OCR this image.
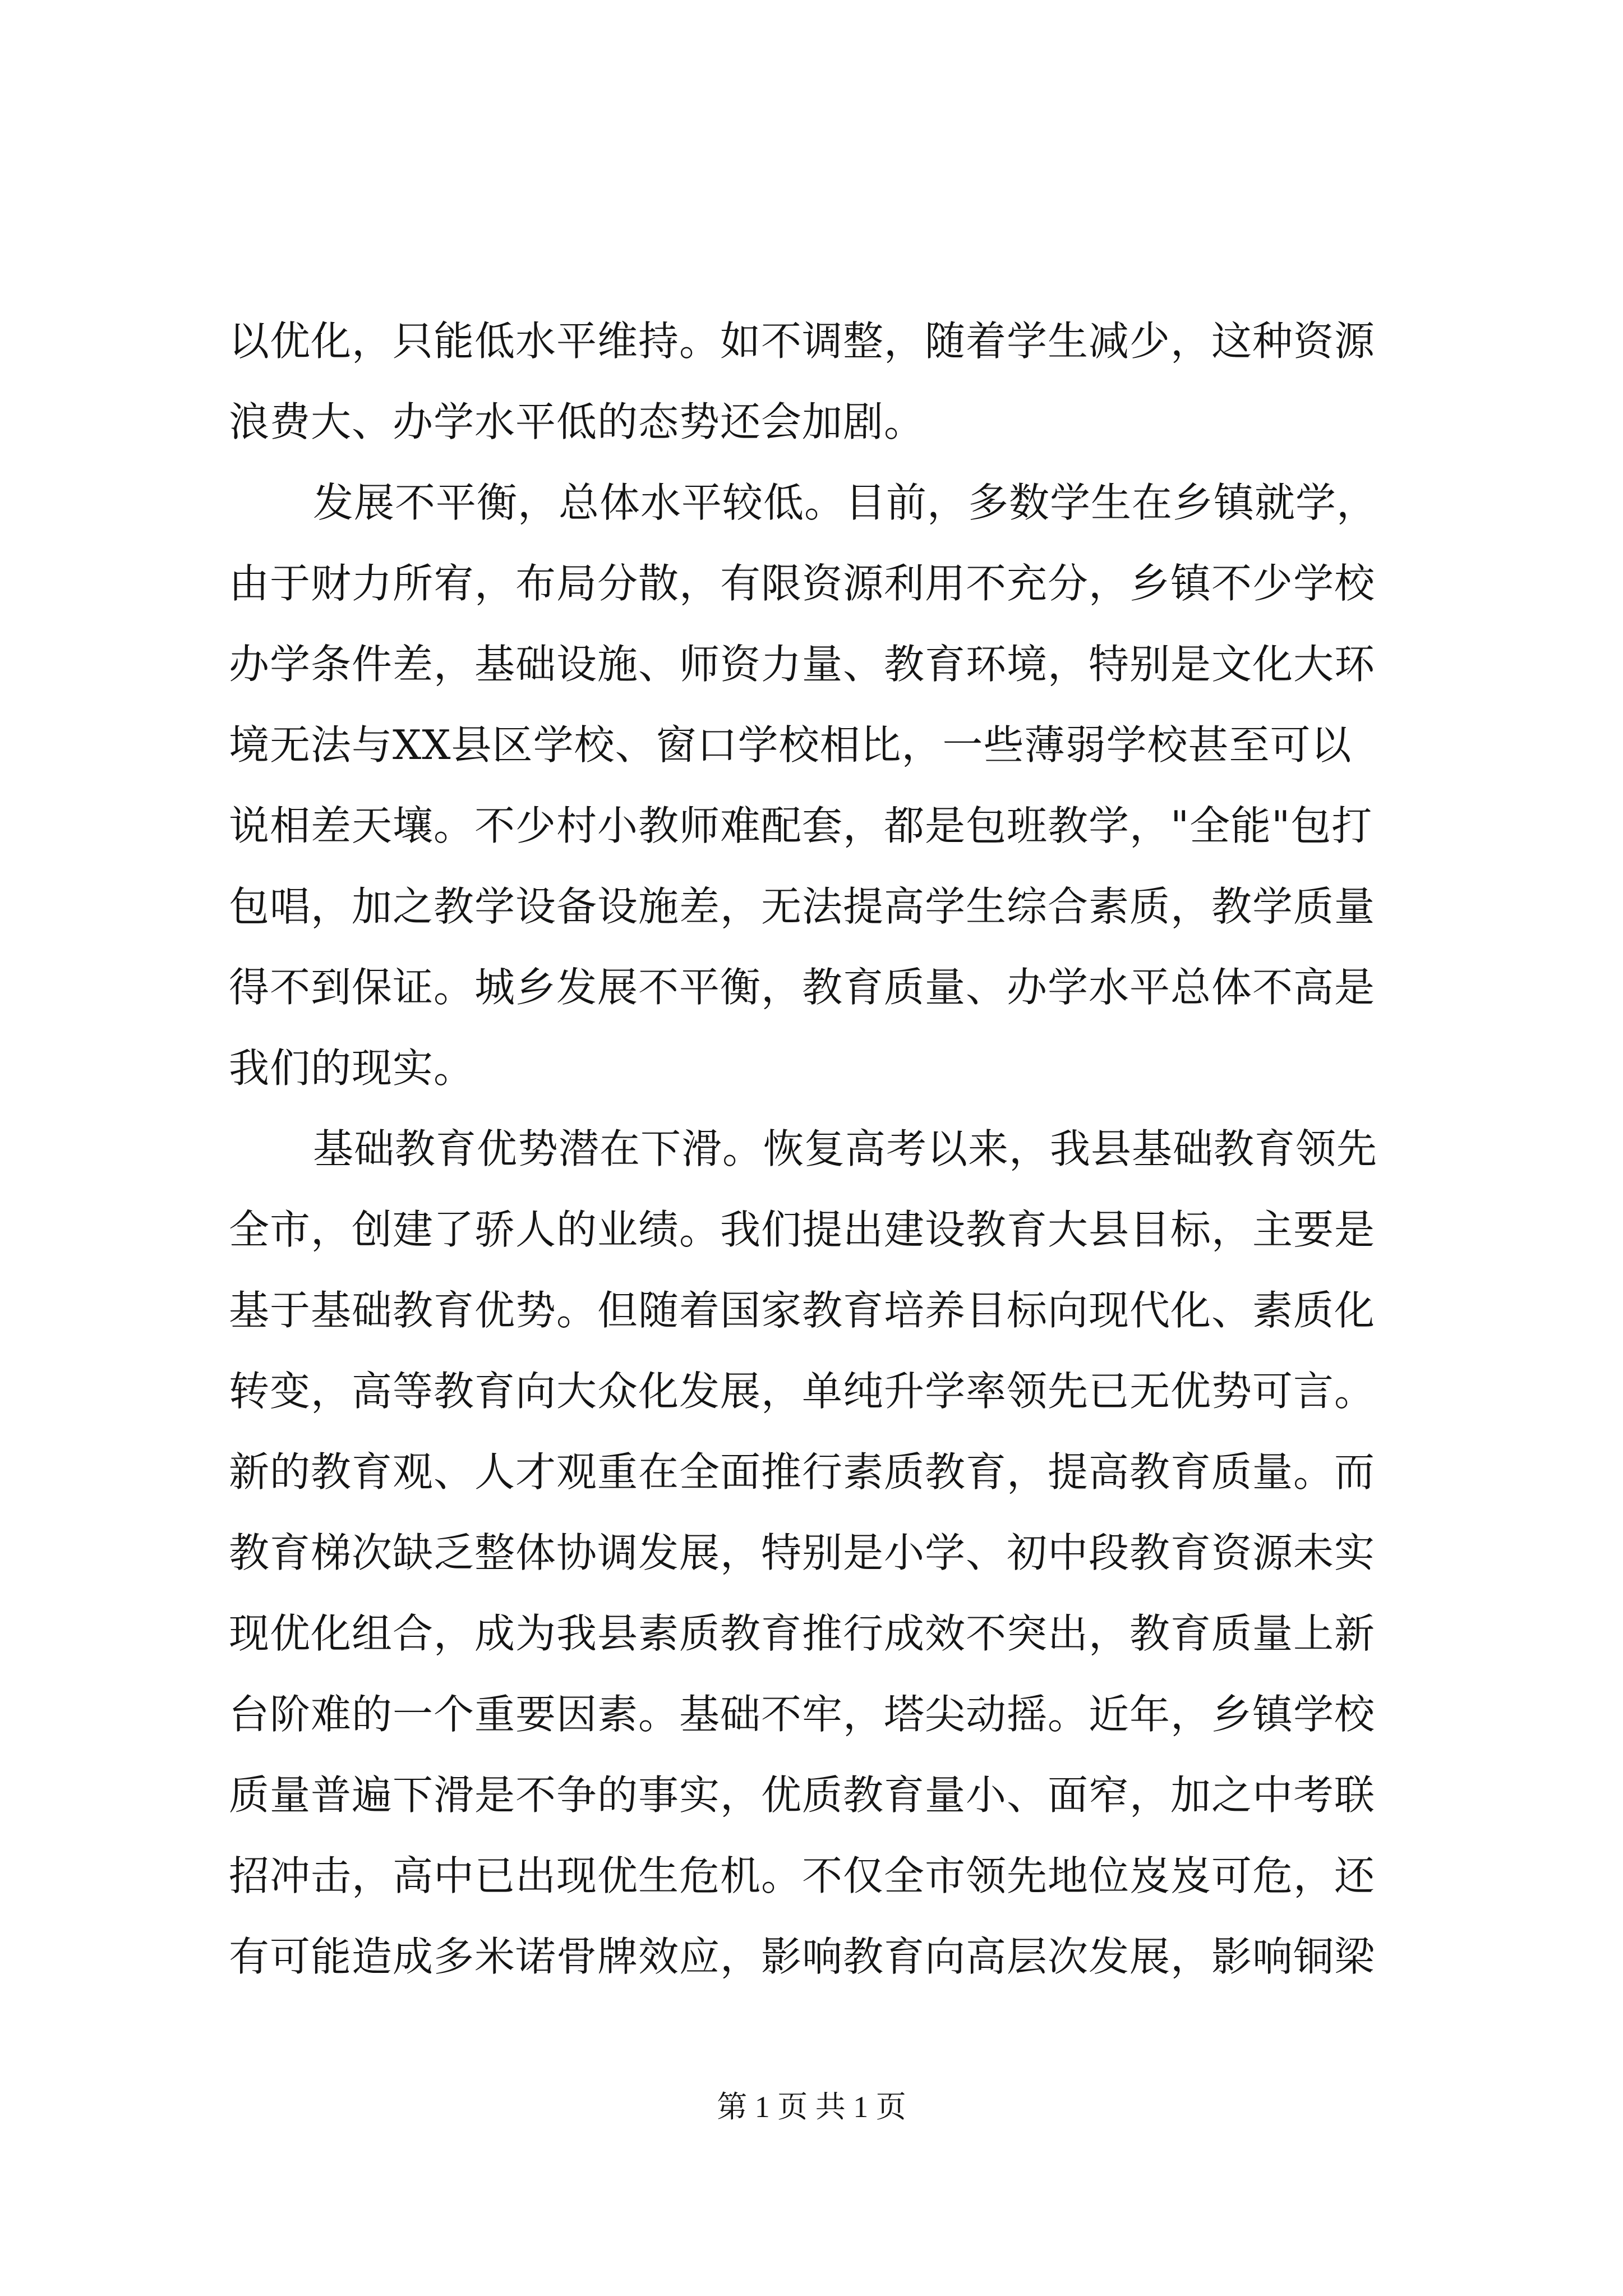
以优化，只能低水平维持。如不调整，随着学生减少，这种资源
浪费大、办学水平低的态势还会加剧。
发展不平衡，总体水平较低。目前，多数学生在乡镇就学，
由于财力所宥，布局分散，有限资源利用不充分，乡镇不少学校
办学条件差，基础设施、师资力量、教育环境，特别是文化大环
境无法与XX县区学校、窗口学校相比，一些薄弱学校甚至可以
说相差天壤。不少村小教师难配套，都是包班教学，"全能"包打
包唱，加之教学设备设施差，无法提高学生综合素质，教学质量
得不到保证。城乡发展不平衡，教育质量、办学水平总体不高是
我们的现实。
基础教育优势潜在下滑。恢复高考以来，我县基础教育领先
全市，创建了骄人的业绩。我们提出建设教育大县目标，主要是
基于基础教育优势。但随着国家教育培养目标向现代化、素质化
转变，高等教育向大众化发展，单纯升学率领先已无优势可言。
新的教育观、人才观重在全面推行素质教育，提高教育质量。而
教育梯次缺乏整体协调发展，特别是小学、初中段教育资源未实
现优化组合，成为我县素质教育推行成效不突出，教育质量上新
台阶难的一个重要因素。基础不牢，塔尖动摇。近年，乡镇学校
质量普遍下滑是不争的事实，优质教育量小、面窄，加之中考联
招冲击，高中已出现优生危机。不仅全市领先地位岌岌可危，还
有可能造成多米诺骨牌效应，影响教育向高层次发展，影响铜梁
第 1 页 共 1 页
